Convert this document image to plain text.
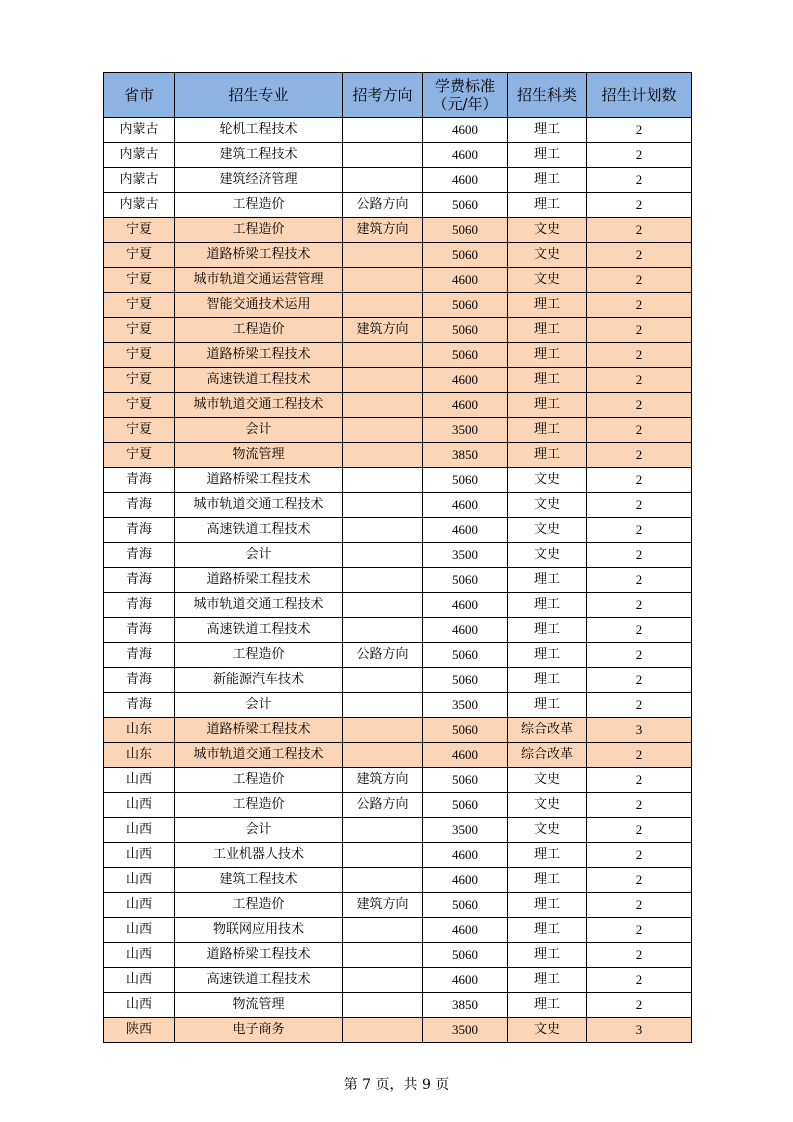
省市	招生专业	招考方向	学费标准
（元/年）	招生科类	招生计划数
内蒙古	轮机工程技术		4600	理工	2
内蒙古	建筑工程技术		4600	理工	2
内蒙古	建筑经济管理		4600	理工	2
内蒙古	工程造价	公路方向	5060	理工	2
宁夏	工程造价	建筑方向	5060	文史	2
宁夏	道路桥梁工程技术		5060	文史	2
宁夏	城市轨道交通运营管理		4600	文史	2
宁夏	智能交通技术运用		5060	理工	2
宁夏	工程造价	建筑方向	5060	理工	2
宁夏	道路桥梁工程技术		5060	理工	2
宁夏	高速铁道工程技术		4600	理工	2
宁夏	城市轨道交通工程技术		4600	理工	2
宁夏	会计		3500	理工	2
宁夏	物流管理		3850	理工	2
青海	道路桥梁工程技术		5060	文史	2
青海	城市轨道交通工程技术		4600	文史	2
青海	高速铁道工程技术		4600	文史	2
青海	会计		3500	文史	2
青海	道路桥梁工程技术		5060	理工	2
青海	城市轨道交通工程技术		4600	理工	2
青海	高速铁道工程技术		4600	理工	2
青海	工程造价	公路方向	5060	理工	2
青海	新能源汽车技术		5060	理工	2
青海	会计		3500	理工	2
山东	道路桥梁工程技术		5060	综合改革	3
山东	城市轨道交通工程技术		4600	综合改革	2
山西	工程造价	建筑方向	5060	文史	2
山西	工程造价	公路方向	5060	文史	2
山西	会计		3500	文史	2
山西	工业机器人技术		4600	理工	2
山西	建筑工程技术		4600	理工	2
山西	工程造价	建筑方向	5060	理工	2
山西	物联网应用技术		4600	理工	2
山西	道路桥梁工程技术		5060	理工	2
山西	高速铁道工程技术		4600	理工	2
山西	物流管理		3850	理工	2
陕西	电子商务		3500	文史	3
第 7 页，共 9 页
